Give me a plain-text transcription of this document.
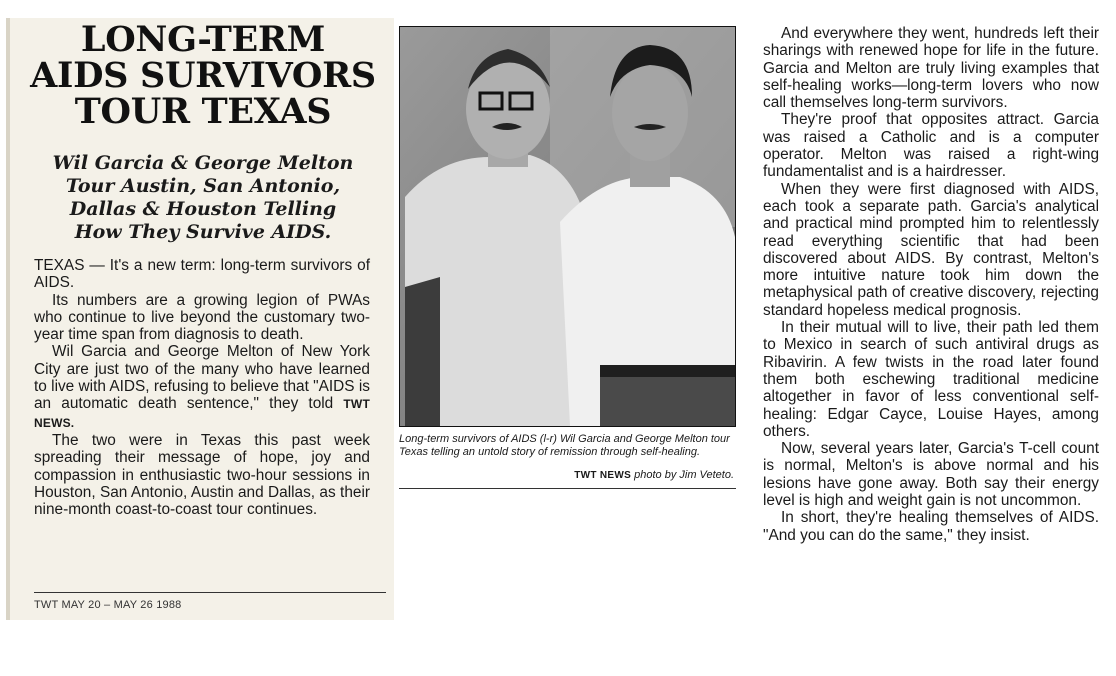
LONG-TERM
AIDS SURVIVORS
TOUR TEXAS
Wil Garcia & George Melton
Tour Austin, San Antonio,
Dallas & Houston Telling
How They Survive AIDS.

TEXAS — It's a new term: long-term survivors of AIDS.

Its numbers are a growing legion of PWAs who continue to live beyond the customary two-year time span from diagnosis to death.

Wil Garcia and George Melton of New York City are just two of the many who have learned to live with AIDS, refusing to believe that "AIDS is an automatic death sentence," they told TWT NEWS.

The two were in Texas this past week spreading their message of hope, joy and compassion in enthusiastic two-hour sessions in Houston, San Antonio, Austin and Dallas, as their nine-month coast-to-coast tour continues.

TWT MAY 20 – MAY 26 1988
Long-term survivors of AIDS (l-r) Wil Garcia and George Melton tour Texas telling an untold story of remission through self-healing.
TWT NEWS photo by Jim Veteto.

And everywhere they went, hundreds left their sharings with renewed hope for life in the future. Garcia and Melton are truly living examples that self-healing works—long-term lovers who now call themselves long-term survivors.

They're proof that opposites attract. Garcia was raised a Catholic and is a computer operator. Melton was raised a right-wing fundamentalist and is a hairdresser.

When they were first diagnosed with AIDS, each took a separate path. Garcia's analytical and practical mind prompted him to relentlessly read everything scientific that had been discovered about AIDS. By contrast, Melton's more intuitive nature took him down the metaphysical path of creative discovery, rejecting standard hopeless medical prognosis.

In their mutual will to live, their path led them to Mexico in search of such antiviral drugs as Ribavirin. A few twists in the road later found them both eschewing traditional medicine altogether in favor of less conventional self-healing: Edgar Cayce, Louise Hayes, among others.

Now, several years later, Garcia's T-cell count is normal, Melton's is above normal and his lesions have gone away. Both say their energy level is high and weight gain is not uncommon.

In short, they're healing themselves of AIDS. "And you can do the same," they insist.
